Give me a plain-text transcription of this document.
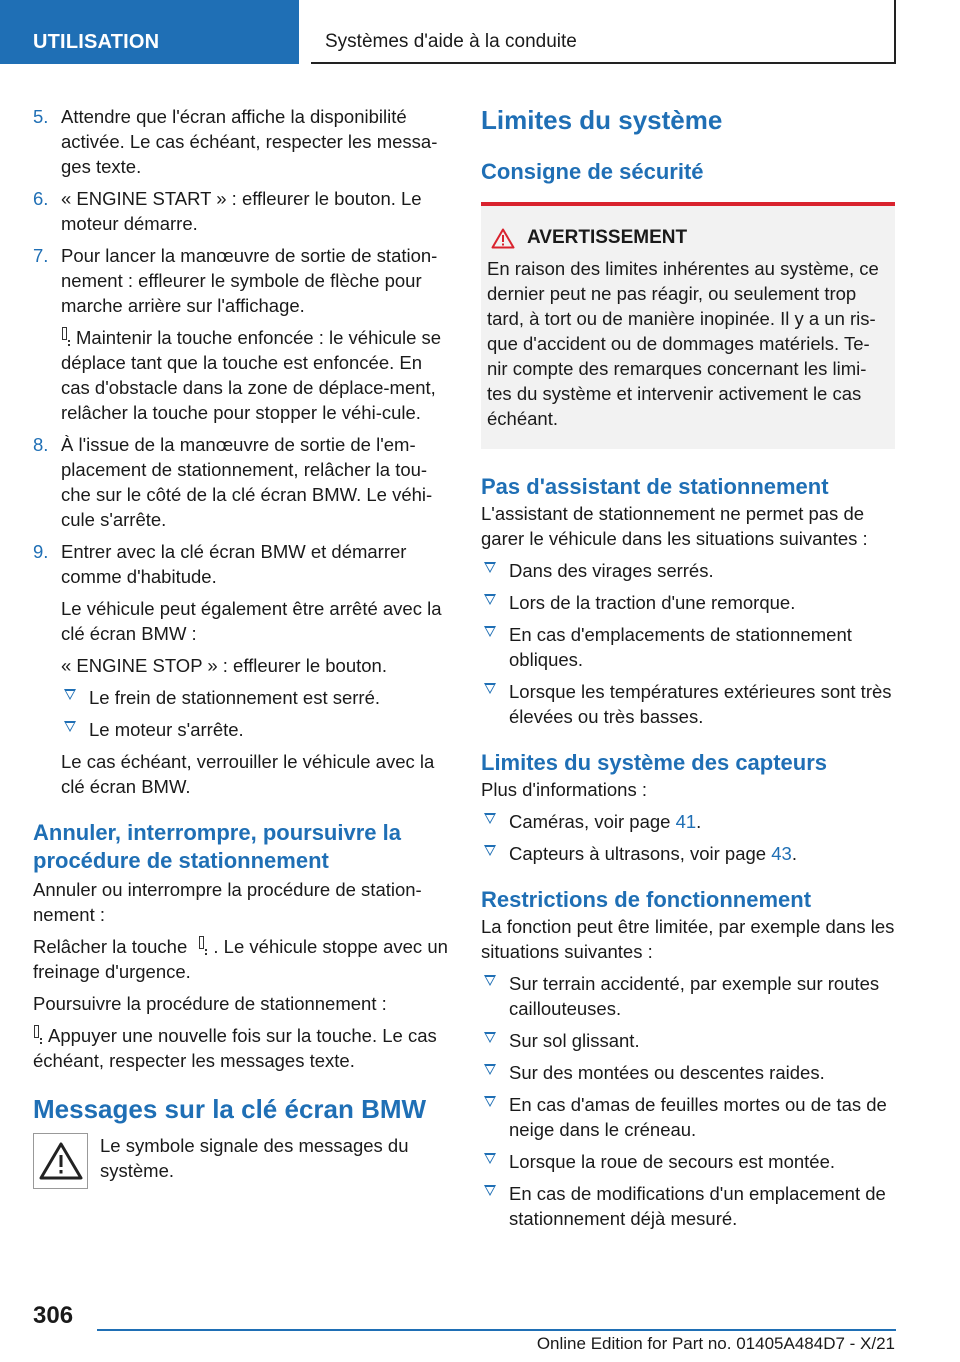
UTILISATION	Systèmes d'aide à la conduite
5. Attendre que l'écran affiche la disponibilité activée. Le cas échéant, respecter les messa‐ges texte.
6. « ENGINE START » : effleurer le bouton. Le moteur démarre.
7. Pour lancer la manœuvre de sortie de station‐nement : effleurer le symbole de flèche pour marche arrière sur l'affichage.

Maintenir la touche enfoncée : le véhicule se déplace tant que la touche est enfoncée. En cas d'obstacle dans la zone de déplace‐ment, relâcher la touche pour stopper le véhi‐cule.

8. À l'issue de la manœuvre de sortie de l'em‐placement de stationnement, relâcher la tou‐che sur le côté de la clé écran BMW. Le véhi‐cule s'arrête.
9. Entrer avec la clé écran BMW et démarrer comme d'habitude.

Le véhicule peut également être arrêté avec la clé écran BMW :

« ENGINE STOP » : effleurer le bouton.

Le frein de stationnement est serré.
Le moteur s'arrête.

Le cas échéant, verrouiller le véhicule avec la clé écran BMW.

Annuler, interrompre, poursuivre la procédure de stationnement

Annuler ou interrompre la procédure de station‐nement :

Relâcher la touche . Le véhicule stoppe avec un freinage d'urgence.

Poursuivre la procédure de stationnement :

Appuyer une nouvelle fois sur la touche. Le cas échéant, respecter les messages texte.

Messages sur la clé écran BMW

Le symbole signale des messages du système.

Limites du système
Consigne de sécurité
AVERTISSEMENT

En raison des limites inhérentes au système, ce dernier peut ne pas réagir, ou seulement trop tard, à tort ou de manière inopinée. Il y a un ris‐que d'accident ou de dommages matériels. Te‐nir compte des remarques concernant les limi‐tes du système et intervenir activement le cas échéant.

Pas d'assistant de stationnement

L'assistant de stationnement ne permet pas de garer le véhicule dans les situations suivantes :

Dans des virages serrés.
Lors de la traction d'une remorque.
En cas d'emplacements de stationnement obliques.
Lorsque les températures extérieures sont très élevées ou très basses.
Limites du système des capteurs

Plus d'informations :

Caméras, voir page 41.
Capteurs à ultrasons, voir page 43.
Restrictions de fonctionnement

La fonction peut être limitée, par exemple dans les situations suivantes :

Sur terrain accidenté, par exemple sur routes caillouteuses.
Sur sol glissant.
Sur des montées ou descentes raides.
En cas d'amas de feuilles mortes ou de tas de neige dans le créneau.
Lorsque la roue de secours est montée.
En cas de modifications d'un emplacement de stationnement déjà mesuré.
306
Online Edition for Part no. 01405A484D7 - X/21
